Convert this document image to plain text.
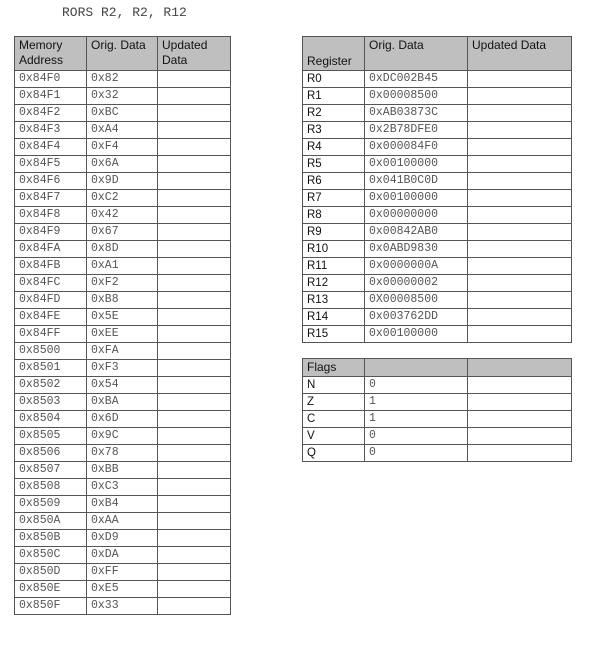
RORS R2, R2, R12
Memory Address	Orig. Data	Updated Data
0x84F0	0x82	
0x84F1	0x32	
0x84F2	0xBC	
0x84F3	0xA4	
0x84F4	0xF4	
0x84F5	0x6A	
0x84F6	0x9D	
0x84F7	0xC2	
0x84F8	0x42	
0x84F9	0x67	
0x84FA	0x8D	
0x84FB	0xA1	
0x84FC	0xF2	
0x84FD	0xB8	
0x84FE	0x5E	
0x84FF	0xEE	
0x8500	0xFA	
0x8501	0xF3	
0x8502	0x54	
0x8503	0xBA	
0x8504	0x6D	
0x8505	0x9C	
0x8506	0x78	
0x8507	0xBB	
0x8508	0xC3	
0x8509	0xB4	
0x850A	0xAA	
0x850B	0xD9	
0x850C	0xDA	
0x850D	0xFF	
0x850E	0xE5	
0x850F	0x33	
Register	Orig. Data	Updated Data
R0	0xDC002B45	
R1	0x00008500	
R2	0xAB03873C	
R3	0x2B78DFE0	
R4	0x000084F0	
R5	0x00100000	
R6	0x041B0C0D	
R7	0x00100000	
R8	0x00000000	
R9	0x00842AB0	
R10	0x0ABD9830	
R11	0x0000000A	
R12	0x00000002	
R13	0X00008500	
R14	0x003762DD	
R15	0x00100000	
Flags		
N	0	
Z	1	
C	1	
V	0	
Q	0	
